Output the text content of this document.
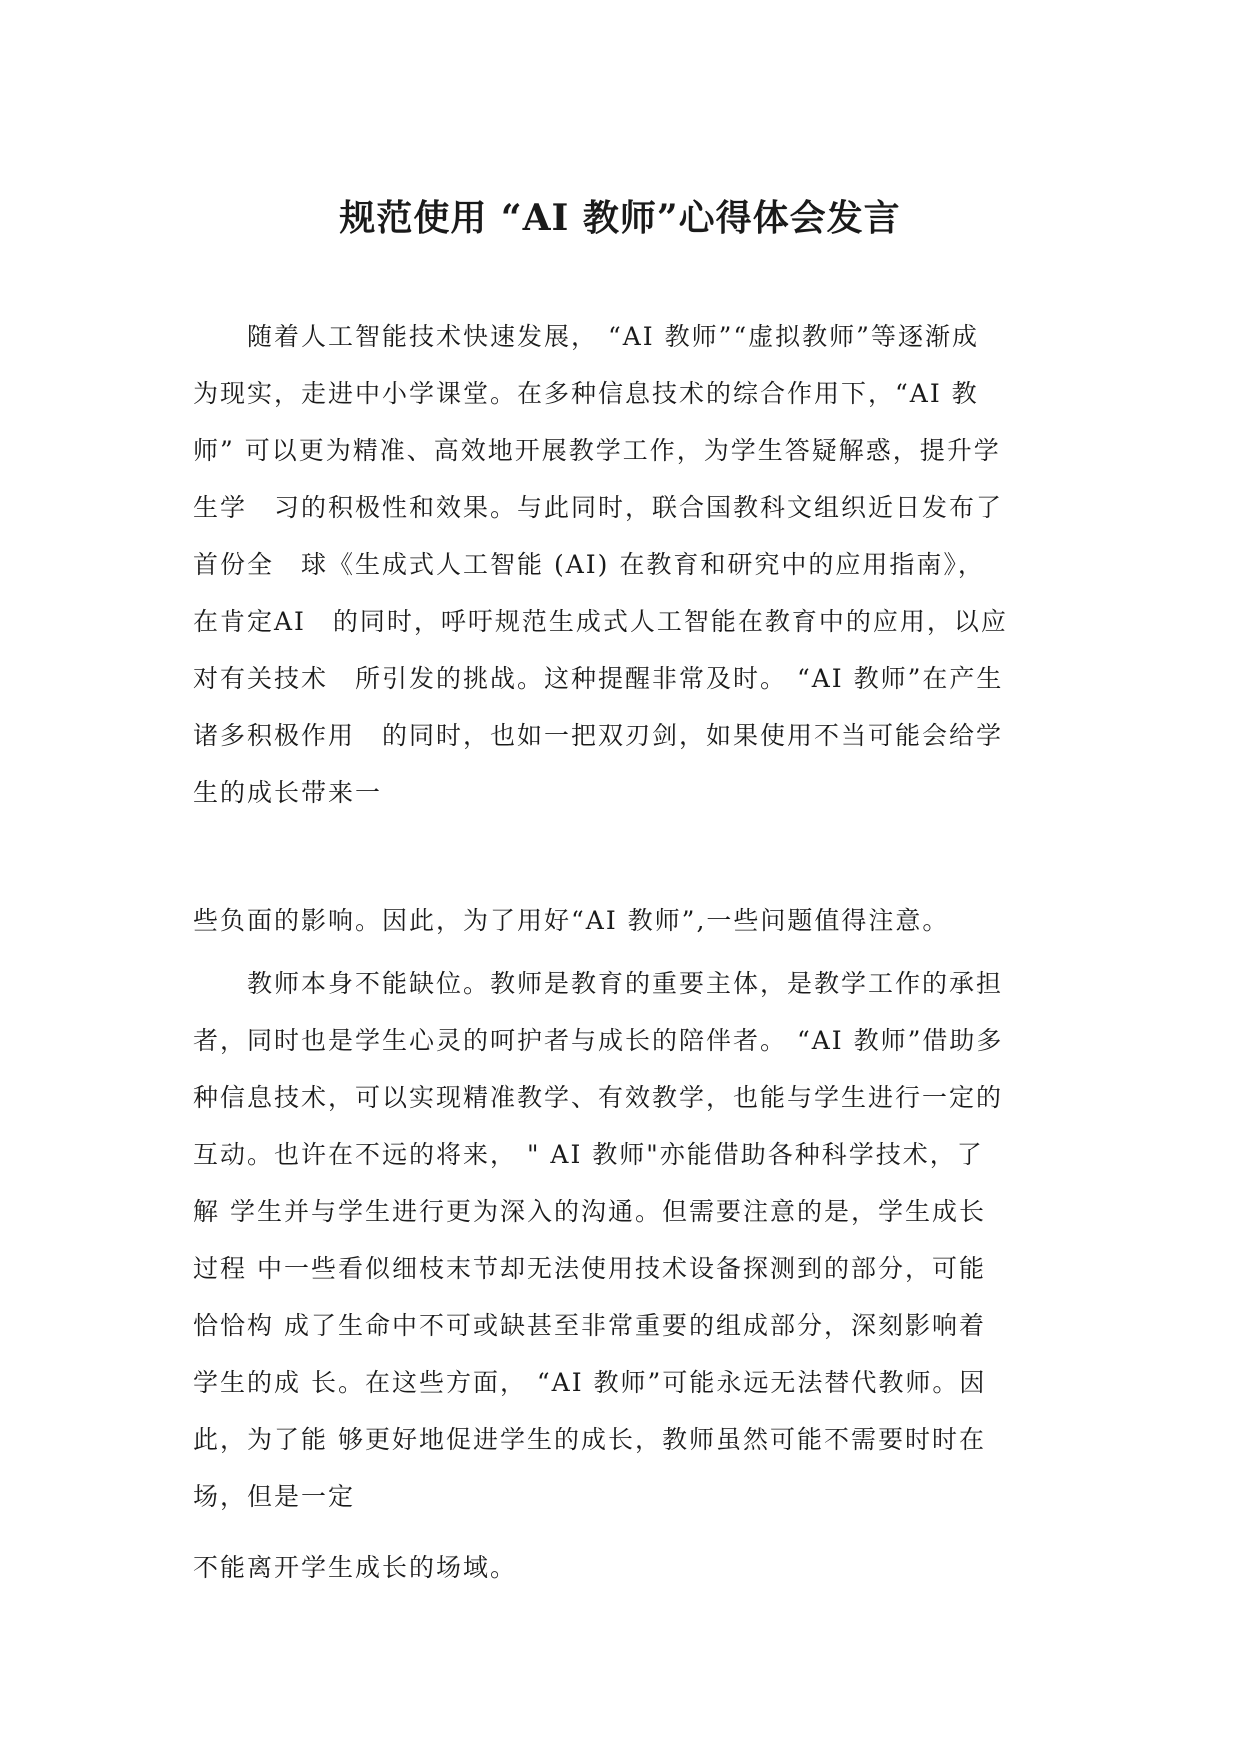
规范使用 “AI 教师”心得体会发言
　　随着人工智能技术快速发展， “AI 教师”“虚拟教师”等逐渐成
为现实，走进中小学课堂。在多种信息技术的综合作用下，“AI 教
师” 可以更为精准、高效地开展教学工作，为学生答疑解惑，提升学
生学　习的积极性和效果。与此同时，联合国教科文组织近日发布了
首份全　球《生成式人工智能 (AI) 在教育和研究中的应用指南》，
在肯定AI　的同时，呼吁规范生成式人工智能在教育中的应用，以应
对有关技术　所引发的挑战。这种提醒非常及时。 “AI 教师”在产生
诸多积极作用　的同时，也如一把双刃剑，如果使用不当可能会给学
生的成长带来一
些负面的影响。因此，为了用好“AI 教师”,一些问题值得注意。
　　教师本身不能缺位。教师是教育的重要主体，是教学工作的承担
者，同时也是学生心灵的呵护者与成长的陪伴者。 “AI 教师”借助多
种信息技术，可以实现精准教学、有效教学，也能与学生进行一定的
互动。也许在不远的将来， " AI 教师"亦能借助各种科学技术，了
解 学生并与学生进行更为深入的沟通。但需要注意的是，学生成长
过程 中一些看似细枝末节却无法使用技术设备探测到的部分，可能
恰恰构 成了生命中不可或缺甚至非常重要的组成部分，深刻影响着
学生的成 长。在这些方面， “AI 教师”可能永远无法替代教师。因
此，为了能 够更好地促进学生的成长，教师虽然可能不需要时时在
场，但是一定
不能离开学生成长的场域。
